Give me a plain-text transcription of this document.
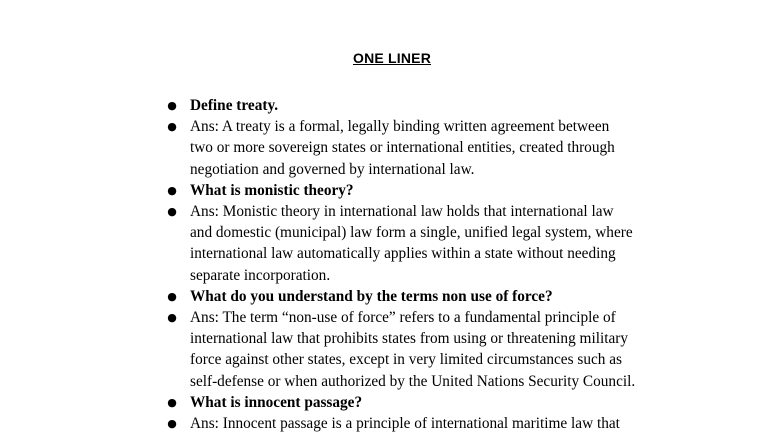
ONE LINER
● Define treaty.
● Ans: A treaty is a formal, legally binding written agreement between
two or more sovereign states or international entities, created through
negotiation and governed by international law.
● What is monistic theory?
● Ans: Monistic theory in international law holds that international law
and domestic (municipal) law form a single, unified legal system, where
international law automatically applies within a state without needing
separate incorporation.
● What do you understand by the terms non use of force?
● Ans: The term “non-use of force” refers to a fundamental principle of
international law that prohibits states from using or threatening military
force against other states, except in very limited circumstances such as
self-defense or when authorized by the United Nations Security Council.
● What is innocent passage?
● Ans: Innocent passage is a principle of international maritime law that
